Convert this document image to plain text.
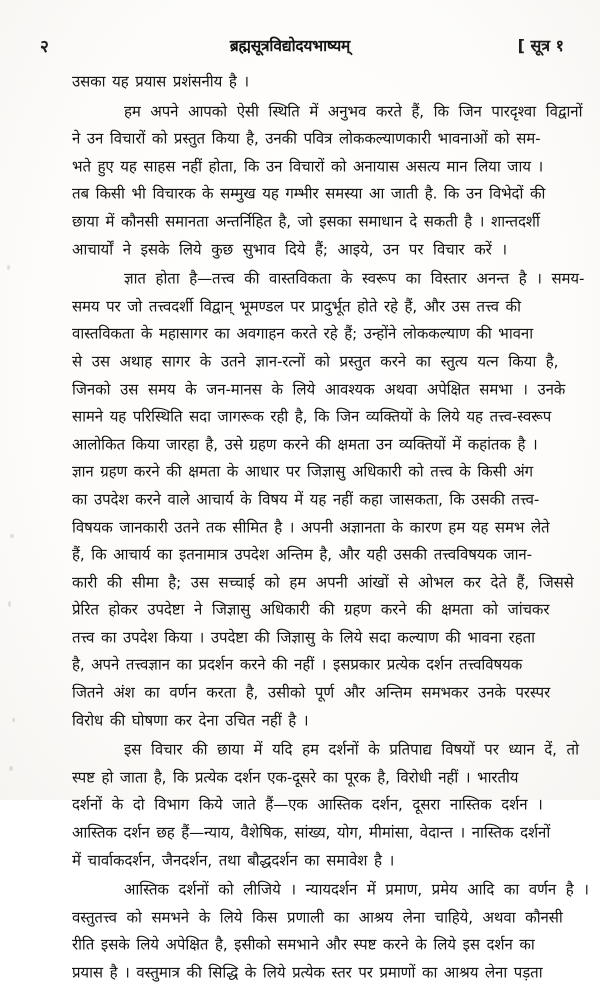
२	ब्रह्मसूत्रविद्योदयभाष्यम्	[ सूत्र १
उसका यह प्रयास प्रशंसनीय है ।
हम अपने आपको ऐसी स्थिति में अनुभव करते हैं, कि जिन पारदृश्वा विद्वानों
ने उन विचारों को प्रस्तुत किया है, उनकी पवित्र लोककल्याणकारी भावनाओं को सम-
भते हुए यह साहस नहीं होता, कि उन विचारों को अनायास असत्य मान लिया जाय ।
तब किसी भी विचारक के सम्मुख यह गम्भीर समस्या आ जाती है. कि उन विभेदों की
छाया में कौनसी समानता अन्तर्निहित है, जो इसका समाधान दे सकती है । शान्तदर्शी
आचार्यों ने इसके लिये कुछ सुभाव दिये हैं; आइये, उन पर विचार करें ।
ज्ञात होता है—तत्त्व की वास्तविकता के स्वरूप का विस्तार अनन्त है । समय-
समय पर जो तत्त्वदर्शी विद्वान् भूमण्डल पर प्रादुर्भूत होते रहे हैं, और उस तत्त्व की
वास्तविकता के महासागर का अवगाहन करते रहे हैं; उन्होंने लोककल्याण की भावना
से उस अथाह सागर के उतने ज्ञान-रत्नों को प्रस्तुत करने का स्तुत्य यत्न किया है,
जिनको उस समय के जन-मानस के लिये आवश्यक अथवा अपेक्षित समभा । उनके
सामने यह परिस्थिति सदा जागरूक रही है, कि जिन व्यक्तियों के लिये यह तत्त्व-स्वरूप
आलोकित किया जारहा है, उसे ग्रहण करने की क्षमता उन व्यक्तियों में कहांतक है ।
ज्ञान ग्रहण करने की क्षमता के आधार पर जिज्ञासु अधिकारी को तत्त्व के किसी अंग
का उपदेश करने वाले आचार्य के विषय में यह नहीं कहा जासकता, कि उसकी तत्त्व-
विषयक जानकारी उतने तक सीमित है । अपनी अज्ञानता के कारण हम यह समभ लेते
हैं, कि आचार्य का इतनामात्र उपदेश अन्तिम है, और यही उसकी तत्त्वविषयक जान-
कारी की सीमा है; उस सच्चाई को हम अपनी आंखों से ओभल कर देते हैं, जिससे
प्रेरित होकर उपदेष्टा ने जिज्ञासु अधिकारी की ग्रहण करने की क्षमता को जांचकर
तत्त्व का उपदेश किया । उपदेष्टा की जिज्ञासु के लिये सदा कल्याण की भावना रहता
है, अपने तत्त्वज्ञान का प्रदर्शन करने की नहीं । इसप्रकार प्रत्येक दर्शन तत्त्वविषयक
जितने अंश का वर्णन करता है, उसीको पूर्ण और अन्तिम समभकर उनके परस्पर
विरोध की घोषणा कर देना उचित नहीं है ।
इस विचार की छाया में यदि हम दर्शनों के प्रतिपाद्य विषयों पर ध्यान दें, तो
स्पष्ट हो जाता है, कि प्रत्येक दर्शन एक-दूसरे का पूरक है, विरोधी नहीं । भारतीय
दर्शनों के दो विभाग किये जाते हैं—एक आस्तिक दर्शन, दूसरा नास्तिक दर्शन ।
आस्तिक दर्शन छह हैं—न्याय, वैशेषिक, सांख्य, योग, मीमांसा, वेदान्त । नास्तिक दर्शनों
में चार्वाकदर्शन, जैनदर्शन, तथा बौद्धदर्शन का समावेश है ।
आस्तिक दर्शनों को लीजिये । न्यायदर्शन में प्रमाण, प्रमेय आदि का वर्णन है ।
वस्तुतत्त्व को समभने के लिये किस प्रणाली का आश्रय लेना चाहिये, अथवा कौनसी
रीति इसके लिये अपेक्षित है, इसीको समभाने और स्पष्ट करने के लिये इस दर्शन का
प्रयास है । वस्तुमात्र की सिद्धि के लिये प्रत्येक स्तर पर प्रमाणों का आश्रय लेना पड़ता
